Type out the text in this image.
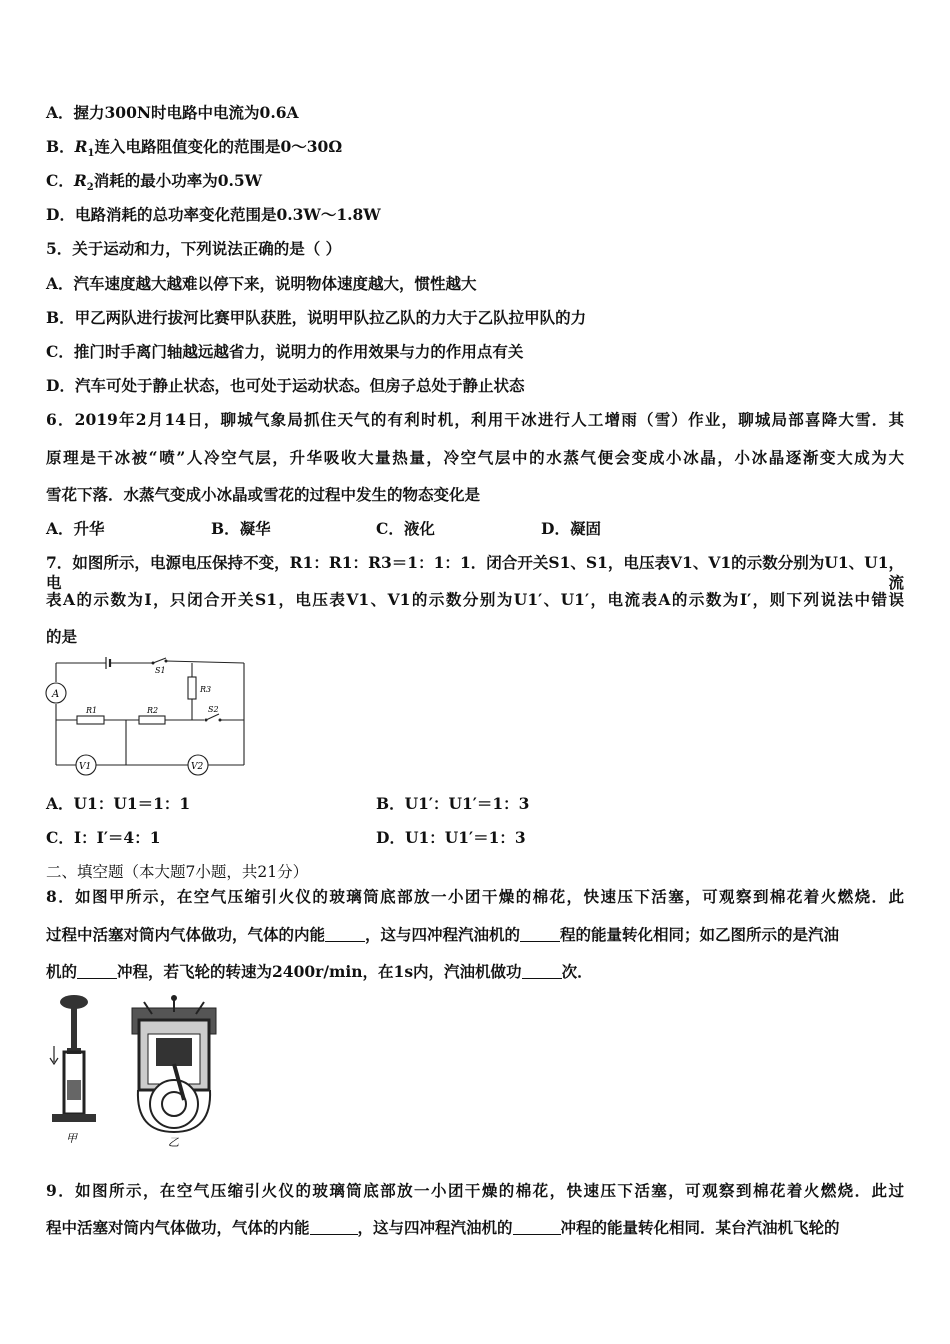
A．握力300N时电路中电流为0.6A
B．$R_1$连入电路阻值变化的范围是0～30Ω
C．$R_2$消耗的最小功率为0.5W
D．电路消耗的总功率变化范围是0.3W～1.8W
5．关于运动和力，下列说法正确的是（ ）
A．汽车速度越大越难以停下来，说明物体速度越大，惯性越大
B．甲乙两队进行拔河比赛甲队获胜，说明甲队拉乙队的力大于乙队拉甲队的力
C．推门时手离门轴越远越省力，说明力的作用效果与力的作用点有关
D．汽车可处于静止状态，也可处于运动状态。但房子总处于静止状态
6．2019年2月14日，聊城气象局抓住天气的有利时机，利用干冰进行人工增雨（雪）作业，聊城局部喜降大雪．其
原理是干冰被“喷”人冷空气层，升华吸收大量热量，冷空气层中的水蒸气便会变成小冰晶，小冰晶逐渐变大成为大
雪花下落．水蒸气变成小冰晶或雪花的过程中发生的物态变化是
A．升华	B．凝华	C．液化	D．凝固
7．如图所示，电源电压保持不变，R1：R1：R3＝1：1：1．闭合开关S1、S1，电压表V1、V1的示数分别为U1、U1，电流
表A的示数为I，只闭合开关S1，电压表V1、V1的示数分别为U1′、U1′，电流表A的示数为I′，则下列说法中错误
的是
S1
R3
A
R1	R2	S2
V1	V2
A．U1：U1＝1：1	B．U1′：U1′＝1：3
C．I：I′＝4：1	D．U1：U1′＝1：3
二、填空题（本大题7小题，共21分）
8．如图甲所示，在空气压缩引火仪的玻璃筒底部放一小团干燥的棉花，快速压下活塞，可观察到棉花着火燃烧．此
过程中活塞对筒内气体做功，气体的内能	，这与四冲程汽油机的	程的能量转化相同；如乙图所示的是汽油
机的	冲程，若飞轮的转速为2400r/min，在1s内，汽油机做功	次．
甲	乙
9．如图所示，在空气压缩引火仪的玻璃筒底部放一小团干燥的棉花，快速压下活塞，可观察到棉花着火燃烧．此过
程中活塞对筒内气体做功，气体的内能	，这与四冲程汽油机的	冲程的能量转化相同．某台汽油机飞轮的
